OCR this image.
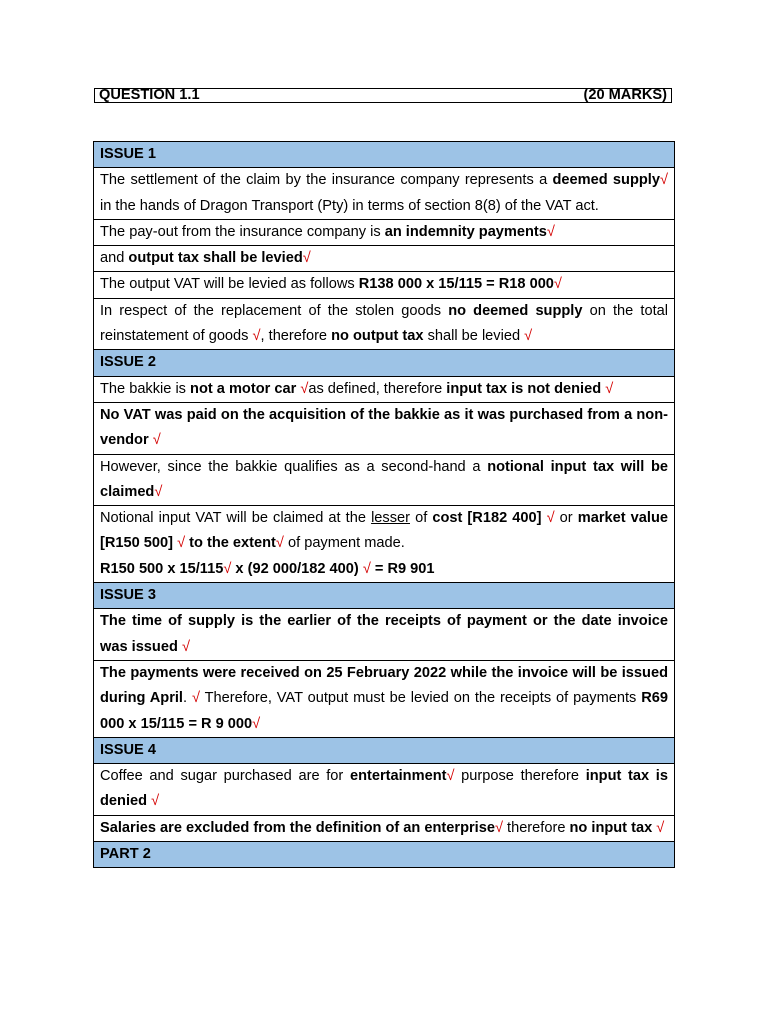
QUESTION 1.1	(20 MARKS)
ISSUE 1
The settlement of the claim by the insurance company represents a deemed supply√ in the hands of Dragon Transport (Pty) in terms of section 8(8) of the VAT act.
The pay-out from the insurance company is an indemnity payments√
and output tax shall be levied√
The output VAT will be levied as follows R138 000 x 15/115 = R18 000√
In respect of the replacement of the stolen goods no deemed supply on the total reinstatement of goods √, therefore no output tax shall be levied √
ISSUE 2
The bakkie is not a motor car √as defined, therefore input tax is not denied √
No VAT was paid on the acquisition of the bakkie as it was purchased from a non-vendor √
However, since the bakkie qualifies as a second-hand a notional input tax will be claimed√
Notional input VAT will be claimed at the lesser of cost [R182 400] √ or market value [R150 500] √ to the extent√ of payment made.
R150 500 x 15/115√ x (92 000/182 400) √ = R9 901
ISSUE 3
The time of supply is the earlier of the receipts of payment or the date invoice was issued √
The payments were received on 25 February 2022 while the invoice will be issued during April. √ Therefore, VAT output must be levied on the receipts of payments R69 000 x 15/115 = R 9 000√
ISSUE 4
Coffee and sugar purchased are for entertainment√ purpose therefore input tax is denied √
Salaries are excluded from the definition of an enterprise√ therefore no input tax √
PART 2
